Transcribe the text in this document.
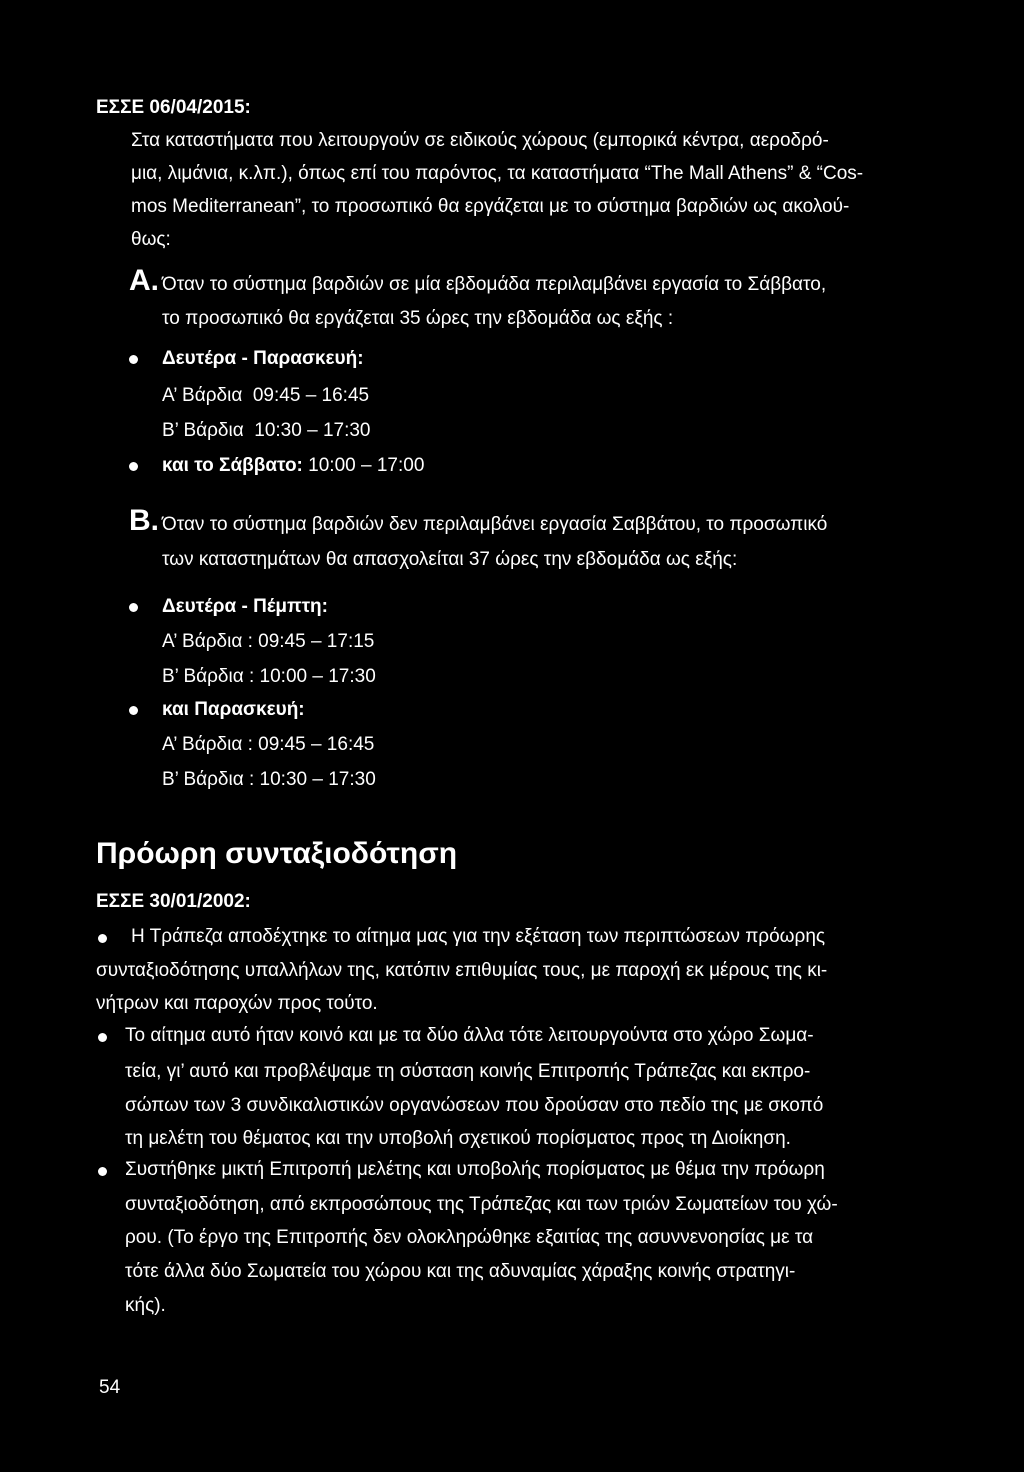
ΕΣΣΕ 06/04/2015:
Στα καταστήματα που λειτουργούν σε ειδικούς χώρους (εμπορικά κέντρα, αεροδρό-
μια, λιμάνια, κ.λπ.), όπως επί του παρόντος, τα καταστήματα “The Mall Athens” & “Cos-
mos Mediterranean”, το προσωπικό θα εργάζεται με το σύστημα βαρδιών ως ακολού-
θως:
A. Όταν το σύστημα βαρδιών σε μία εβδομάδα περιλαμβάνει εργασία το Σάββατο,
το προσωπικό θα εργάζεται 35 ώρες την εβδομάδα ως εξής :
Δευτέρα - Παρασκευή:
Α’ Βάρδια  09:45 – 16:45
Β’ Βάρδια  10:30 – 17:30
και το Σάββατο: 10:00 – 17:00
B. Όταν το σύστημα βαρδιών δεν περιλαμβάνει εργασία Σαββάτου, το προσωπικό
των καταστημάτων θα απασχολείται 37 ώρες την εβδομάδα ως εξής:
Δευτέρα - Πέμπτη:
Α’ Βάρδια : 09:45 – 17:15
Β’ Βάρδια : 10:00 – 17:30
και Παρασκευή:
Α’ Βάρδια : 09:45 – 16:45
Β’ Βάρδια : 10:30 – 17:30
Πρόωρη συνταξιοδότηση
ΕΣΣΕ 30/01/2002:
Η Τράπεζα αποδέχτηκε το αίτημα μας για την εξέταση των περιπτώσεων πρόωρης
συνταξιοδότησης υπαλλήλων της, κατόπιν επιθυμίας τους, με παροχή εκ μέρους της κι-
νήτρων και παροχών προς τούτο.
Το αίτημα αυτό ήταν κοινό και με τα δύο άλλα τότε λειτουργούντα στο χώρο Σωμα-
τεία, γι’ αυτό και προβλέψαμε τη σύσταση κοινής Επιτροπής Τράπεζας και εκπρο-
σώπων των 3 συνδικαλιστικών οργανώσεων που δρούσαν στο πεδίο της με σκοπό
τη μελέτη του θέματος και την υποβολή σχετικού πορίσματος προς τη Διοίκηση.
Συστήθηκε μικτή Επιτροπή μελέτης και υποβολής πορίσματος με θέμα την πρόωρη
συνταξιοδότηση, από εκπροσώπους της Τράπεζας και των τριών Σωματείων του χώ-
ρου. (Το έργο της Επιτροπής δεν ολοκληρώθηκε εξαιτίας της ασυννενοησίας με τα
τότε άλλα δύο Σωματεία του χώρου και της αδυναμίας χάραξης κοινής στρατηγι-
κής).
54
